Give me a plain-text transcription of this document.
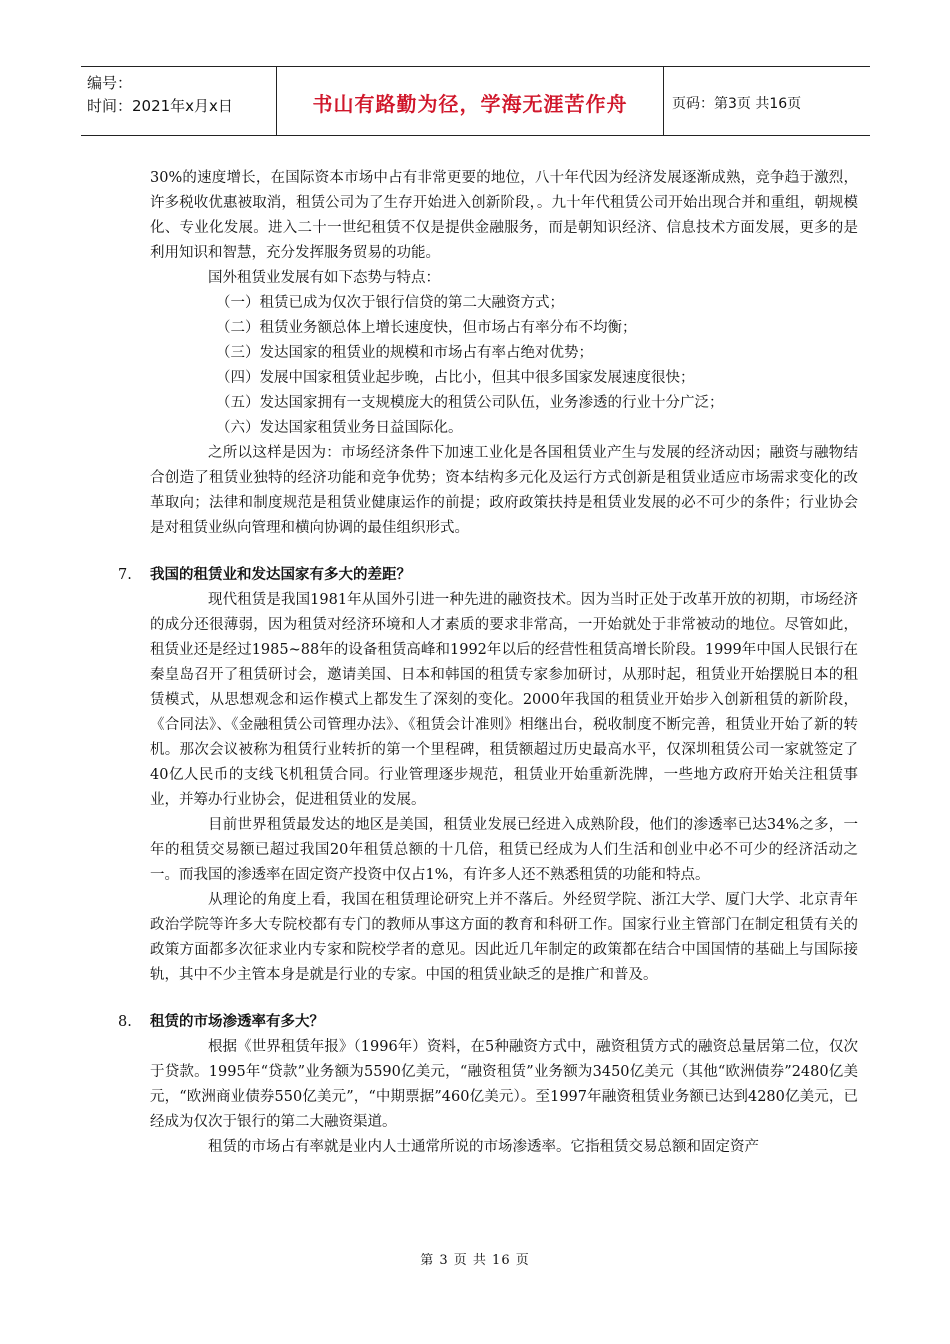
编号：
时间：2021年x月x日	书山有路勤为径，学海无涯苦作舟	页码：第3页 共16页

30%的速度增长，在国际资本市场中占有非常更要的地位，八十年代因为经济发展逐渐成熟，竞争趋于激烈，许多税收优惠被取消，租赁公司为了生存开始进入创新阶段，。九十年代租赁公司开始出现合并和重组，朝规模化、专业化发展。进入二十一世纪租赁不仅是提供金融服务，而是朝知识经济、信息技术方面发展，更多的是利用知识和智慧，充分发挥服务贸易的功能。

国外租赁业发展有如下态势与特点：

（一）租赁已成为仅次于银行信贷的第二大融资方式；

（二）租赁业务额总体上增长速度快，但市场占有率分布不均衡；

（三）发达国家的租赁业的规模和市场占有率占绝对优势；

（四）发展中国家租赁业起步晚，占比小，但其中很多国家发展速度很快；

（五）发达国家拥有一支规模庞大的租赁公司队伍，业务渗透的行业十分广泛；

（六）发达国家租赁业务日益国际化。

之所以这样是因为：市场经济条件下加速工业化是各国租赁业产生与发展的经济动因；融资与融物结合创造了租赁业独特的经济功能和竞争优势；资本结构多元化及运行方式创新是租赁业适应市场需求变化的改革取向；法律和制度规范是租赁业健康运作的前提；政府政策扶持是租赁业发展的必不可少的条件；行业协会是对租赁业纵向管理和横向协调的最佳组织形式。

7. 我国的租赁业和发达国家有多大的差距？

现代租赁是我国1981年从国外引进一种先进的融资技术。因为当时正处于改革开放的初期，市场经济的成分还很薄弱，因为租赁对经济环境和人才素质的要求非常高，一开始就处于非常被动的地位。尽管如此，租赁业还是经过1985~88年的设备租赁高峰和1992年以后的经营性租赁高增长阶段。1999年中国人民银行在秦皇岛召开了租赁研讨会，邀请美国、日本和韩国的租赁专家参加研讨，从那时起，租赁业开始摆脱日本的租赁模式，从思想观念和运作模式上都发生了深刻的变化。2000年我国的租赁业开始步入创新租赁的新阶段，《合同法》、《金融租赁公司管理办法》、《租赁会计准则》相继出台，税收制度不断完善，租赁业开始了新的转机。那次会议被称为租赁行业转折的第一个里程碑，租赁额超过历史最高水平，仅深圳租赁公司一家就签定了40亿人民币的支线飞机租赁合同。行业管理逐步规范，租赁业开始重新洗牌，一些地方政府开始关注租赁事业，并筹办行业协会，促进租赁业的发展。

目前世界租赁最发达的地区是美国，租赁业发展已经进入成熟阶段，他们的渗透率已达34%之多，一年的租赁交易额已超过我国20年租赁总额的十几倍，租赁已经成为人们生活和创业中必不可少的经济活动之一。而我国的渗透率在固定资产投资中仅占1%，有许多人还不熟悉租赁的功能和特点。

从理论的角度上看，我国在租赁理论研究上并不落后。外经贸学院、浙江大学、厦门大学、北京青年政治学院等许多大专院校都有专门的教师从事这方面的教育和科研工作。国家行业主管部门在制定租赁有关的政策方面都多次征求业内专家和院校学者的意见。因此近几年制定的政策都在结合中国国情的基础上与国际接轨，其中不少主管本身是就是行业的专家。中国的租赁业缺乏的是推广和普及。

8. 租赁的市场渗透率有多大？

根据《世界租赁年报》（1996年）资料，在5种融资方式中，融资租赁方式的融资总量居第二位，仅次于贷款。1995年“贷款”业务额为5590亿美元，“融资租赁”业务额为3450亿美元（其他“欧洲债券”2480亿美元，“欧洲商业债券550亿美元”，“中期票据”460亿美元）。至1997年融资租赁业务额已达到4280亿美元，已经成为仅次于银行的第二大融资渠道。

租赁的市场占有率就是业内人士通常所说的市场渗透率。它指租赁交易总额和固定资产

第 3 页 共 16 页
